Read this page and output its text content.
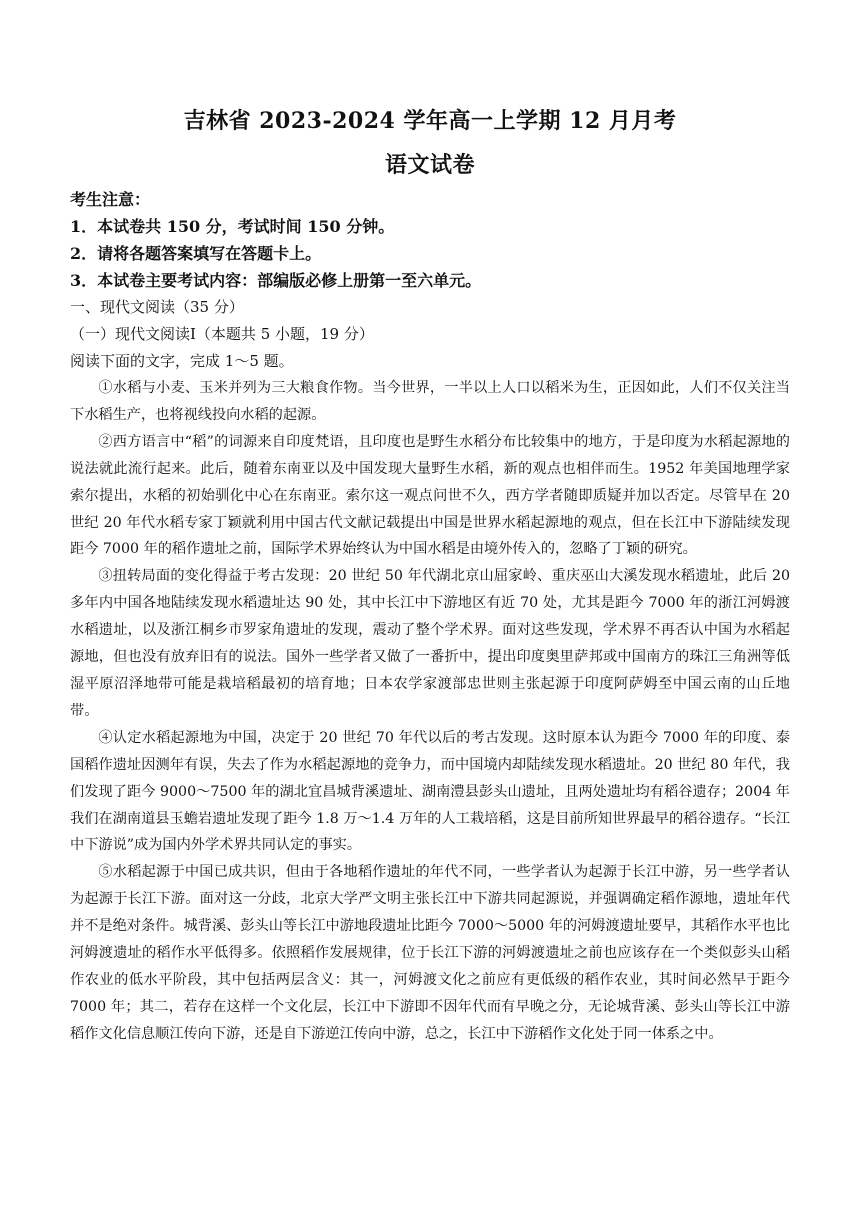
吉林省 2023-2024 学年高一上学期 12 月月考
语文试卷
考生注意：
1．本试卷共 150 分，考试时间 150 分钟。
2．请将各题答案填写在答题卡上。
3．本试卷主要考试内容：部编版必修上册第一至六单元。
一、现代文阅读（35 分）
（一）现代文阅读Ⅰ（本题共 5 小题，19 分）
阅读下面的文字，完成 1～5 题。

①水稻与小麦、玉米并列为三大粮食作物。当今世界，一半以上人口以稻米为生，正因如此，人们不仅关注当下水稻生产，也将视线投向水稻的起源。

②西方语言中“稻”的词源来自印度梵语，且印度也是野生水稻分布比较集中的地方，于是印度为水稻起源地的说法就此流行起来。此后，随着东南亚以及中国发现大量野生水稻，新的观点也相伴而生。1952 年美国地理学家索尔提出，水稻的初始驯化中心在东南亚。索尔这一观点问世不久，西方学者随即质疑并加以否定。尽管早在 20 世纪 20 年代水稻专家丁颖就利用中国古代文献记载提出中国是世界水稻起源地的观点，但在长江中下游陆续发现距今 7000 年的稻作遗址之前，国际学术界始终认为中国水稻是由境外传入的，忽略了丁颖的研究。

③扭转局面的变化得益于考古发现：20 世纪 50 年代湖北京山屈家岭、重庆巫山大溪发现水稻遗址，此后 20 多年内中国各地陆续发现水稻遗址达 90 处，其中长江中下游地区有近 70 处，尤其是距今 7000 年的浙江河姆渡水稻遗址，以及浙江桐乡市罗家角遗址的发现，震动了整个学术界。面对这些发现，学术界不再否认中国为水稻起源地，但也没有放弃旧有的说法。国外一些学者又做了一番折中，提出印度奥里萨邦或中国南方的珠江三角洲等低湿平原沼泽地带可能是栽培稻最初的培育地；日本农学家渡部忠世则主张起源于印度阿萨姆至中国云南的山丘地带。

④认定水稻起源地为中国，决定于 20 世纪 70 年代以后的考古发现。这时原本认为距今 7000 年的印度、泰国稻作遗址因测年有误，失去了作为水稻起源地的竞争力，而中国境内却陆续发现水稻遗址。20 世纪 80 年代，我们发现了距今 9000～7500 年的湖北宜昌城背溪遗址、湖南澧县彭头山遗址，且两处遗址均有稻谷遗存；2004 年我们在湖南道县玉蟾岩遗址发现了距今 1.8 万～1.4 万年的人工栽培稻，这是目前所知世界最早的稻谷遗存。“长江中下游说”成为国内外学术界共同认定的事实。

⑤水稻起源于中国已成共识，但由于各地稻作遗址的年代不同，一些学者认为起源于长江中游，另一些学者认为起源于长江下游。面对这一分歧，北京大学严文明主张长江中下游共同起源说，并强调确定稻作源地，遗址年代并不是绝对条件。城背溪、彭头山等长江中游地段遗址比距今 7000～5000 年的河姆渡遗址要早，其稻作水平也比河姆渡遗址的稻作水平低得多。依照稻作发展规律，位于长江下游的河姆渡遗址之前也应该存在一个类似彭头山稻作农业的低水平阶段，其中包括两层含义：其一，河姆渡文化之前应有更低级的稻作农业，其时间必然早于距今 7000 年；其二，若存在这样一个文化层，长江中下游即不因年代而有早晚之分，无论城背溪、彭头山等长江中游稻作文化信息顺江传向下游，还是自下游逆江传向中游，总之，长江中下游稻作文化处于同一体系之中。
